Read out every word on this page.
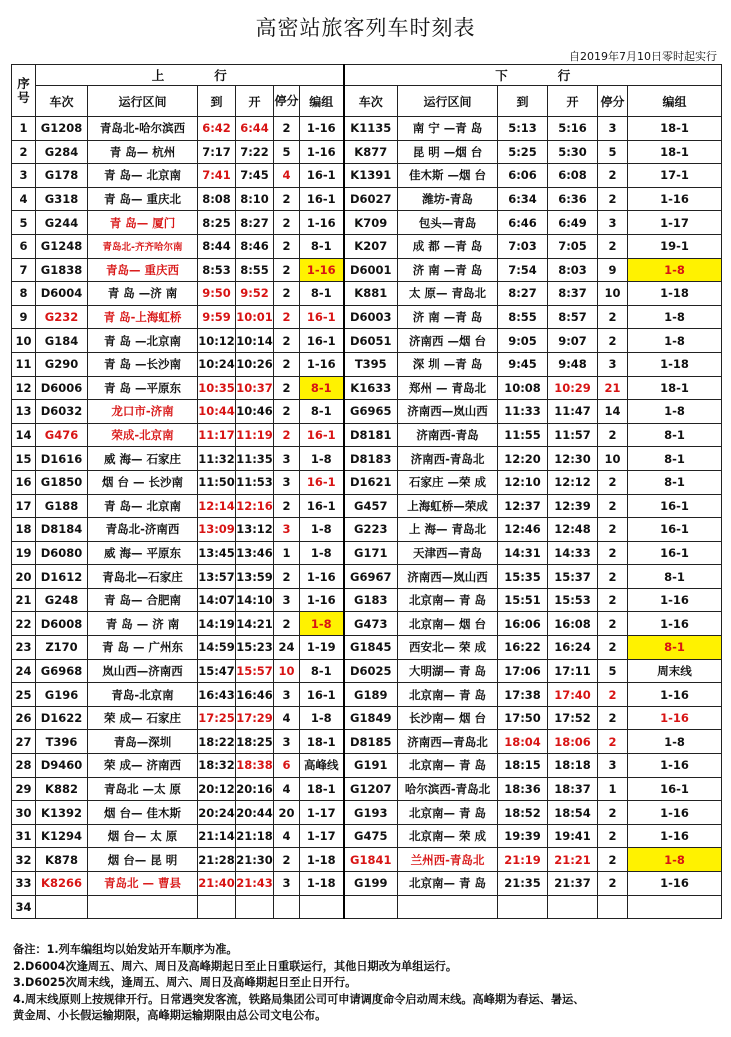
高密站旅客列车时刻表
自2019年7月10日零时起实行
序号	上　　　　行						下　　　　行					
	车次	运行区间	到	开	停分	编组	车次	运行区间	到	开	停分	编组
1	G1208	青岛北-哈尔滨西	6:42	6:44	2	1-16	K1135	南 宁 —青 岛	5:13	5:16	3	18-1
2	G284	青 岛— 杭州	7:17	7:22	5	1-16	K877	昆 明 —烟 台	5:25	5:30	5	18-1
3	G178	青 岛— 北京南	7:41	7:45	4	16-1	K1391	佳木斯 —烟 台	6:06	6:08	2	17-1
4	G318	青 岛— 重庆北	8:08	8:10	2	16-1	D6027	潍坊-青岛	6:34	6:36	2	1-16
5	G244	青 岛— 厦门	8:25	8:27	2	1-16	K709	包头—青岛	6:46	6:49	3	1-17
6	G1248	青岛北-齐齐哈尔南	8:44	8:46	2	8-1	K207	成 都 —青 岛	7:03	7:05	2	19-1
7	G1838	青岛— 重庆西	8:53	8:55	2	1-16	D6001	济 南 —青 岛	7:54	8:03	9	1-8
8	D6004	青 岛 —济 南	9:50	9:52	2	8-1	K881	太 原— 青岛北	8:27	8:37	10	1-18
9	G232	青 岛-上海虹桥	9:59	10:01	2	16-1	D6003	济 南 —青 岛	8:55	8:57	2	1-8
10	G184	青 岛 —北京南	10:12	10:14	2	16-1	D6051	济南西 —烟 台	9:05	9:07	2	1-8
11	G290	青 岛 —长沙南	10:24	10:26	2	1-16	T395	深 圳 —青 岛	9:45	9:48	3	1-18
12	D6006	青 岛 —平原东	10:35	10:37	2	8-1	K1633	郑州 — 青岛北	10:08	10:29	21	18-1
13	D6032	龙口市-济南	10:44	10:46	2	8-1	G6965	济南西—岚山西	11:33	11:47	14	1-8
14	G476	荣成-北京南	11:17	11:19	2	16-1	D8181	济南西-青岛	11:55	11:57	2	8-1
15	D1616	威 海— 石家庄	11:32	11:35	3	1-8	D8183	济南西-青岛北	12:20	12:30	10	8-1
16	G1850	烟 台 — 长沙南	11:50	11:53	3	16-1	D1621	石家庄 —荣 成	12:10	12:12	2	8-1
17	G188	青 岛— 北京南	12:14	12:16	2	16-1	G457	上海虹桥—荣成	12:37	12:39	2	16-1
18	D8184	青岛北-济南西	13:09	13:12	3	1-8	G223	上 海— 青岛北	12:46	12:48	2	16-1
19	D6080	威 海— 平原东	13:45	13:46	1	1-8	G171	天津西—青岛	14:31	14:33	2	16-1
20	D1612	青岛北—石家庄	13:57	13:59	2	1-16	G6967	济南西—岚山西	15:35	15:37	2	8-1
21	G248	青 岛— 合肥南	14:07	14:10	3	1-16	G183	北京南— 青 岛	15:51	15:53	2	1-16
22	D6008	青 岛 — 济 南	14:19	14:21	2	1-8	G473	北京南— 烟 台	16:06	16:08	2	1-16
23	Z170	青 岛 — 广州东	14:59	15:23	24	1-19	G1845	西安北— 荣 成	16:22	16:24	2	8-1
24	G6968	岚山西—济南西	15:47	15:57	10	8-1	D6025	大明湖— 青 岛	17:06	17:11	5	周末线
25	G196	青岛-北京南	16:43	16:46	3	16-1	G189	北京南— 青 岛	17:38	17:40	2	1-16
26	D1622	荣 成— 石家庄	17:25	17:29	4	1-8	G1849	长沙南— 烟 台	17:50	17:52	2	1-16
27	T396	青岛—深圳	18:22	18:25	3	18-1	D8185	济南西—青岛北	18:04	18:06	2	1-8
28	D9460	荣 成— 济南西	18:32	18:38	6	高峰线	G191	北京南— 青 岛	18:15	18:18	3	1-16
29	K882	青岛北 —太 原	20:12	20:16	4	18-1	G1207	哈尔滨西-青岛北	18:36	18:37	1	16-1
30	K1392	烟 台— 佳木斯	20:24	20:44	20	1-17	G193	北京南— 青 岛	18:52	18:54	2	1-16
31	K1294	烟 台— 太 原	21:14	21:18	4	1-17	G475	北京南— 荣 成	19:39	19:41	2	1-16
32	K878	烟 台— 昆 明	21:28	21:30	2	1-18	G1841	兰州西-青岛北	21:19	21:21	2	1-8
33	K8266	青岛北 — 曹县	21:40	21:43	3	1-18	G199	北京南— 青 岛	21:35	21:37	2	1-16
34												
备注：1.列车编组均以始发站开车顺序为准。
2.D6004次逢周五、周六、周日及高峰期起日至止日重联运行，其他日期改为单组运行。
3.D6025次周末线，逢周五、周六、周日及高峰期起日至止日开行。
4.周末线原则上按规律开行。日常遇突发客流，铁路局集团公司可申请调度命令启动周末线。高峰期为春运、暑运、
黄金周、小长假运输期限，高峰期运输期限由总公司文电公布。
